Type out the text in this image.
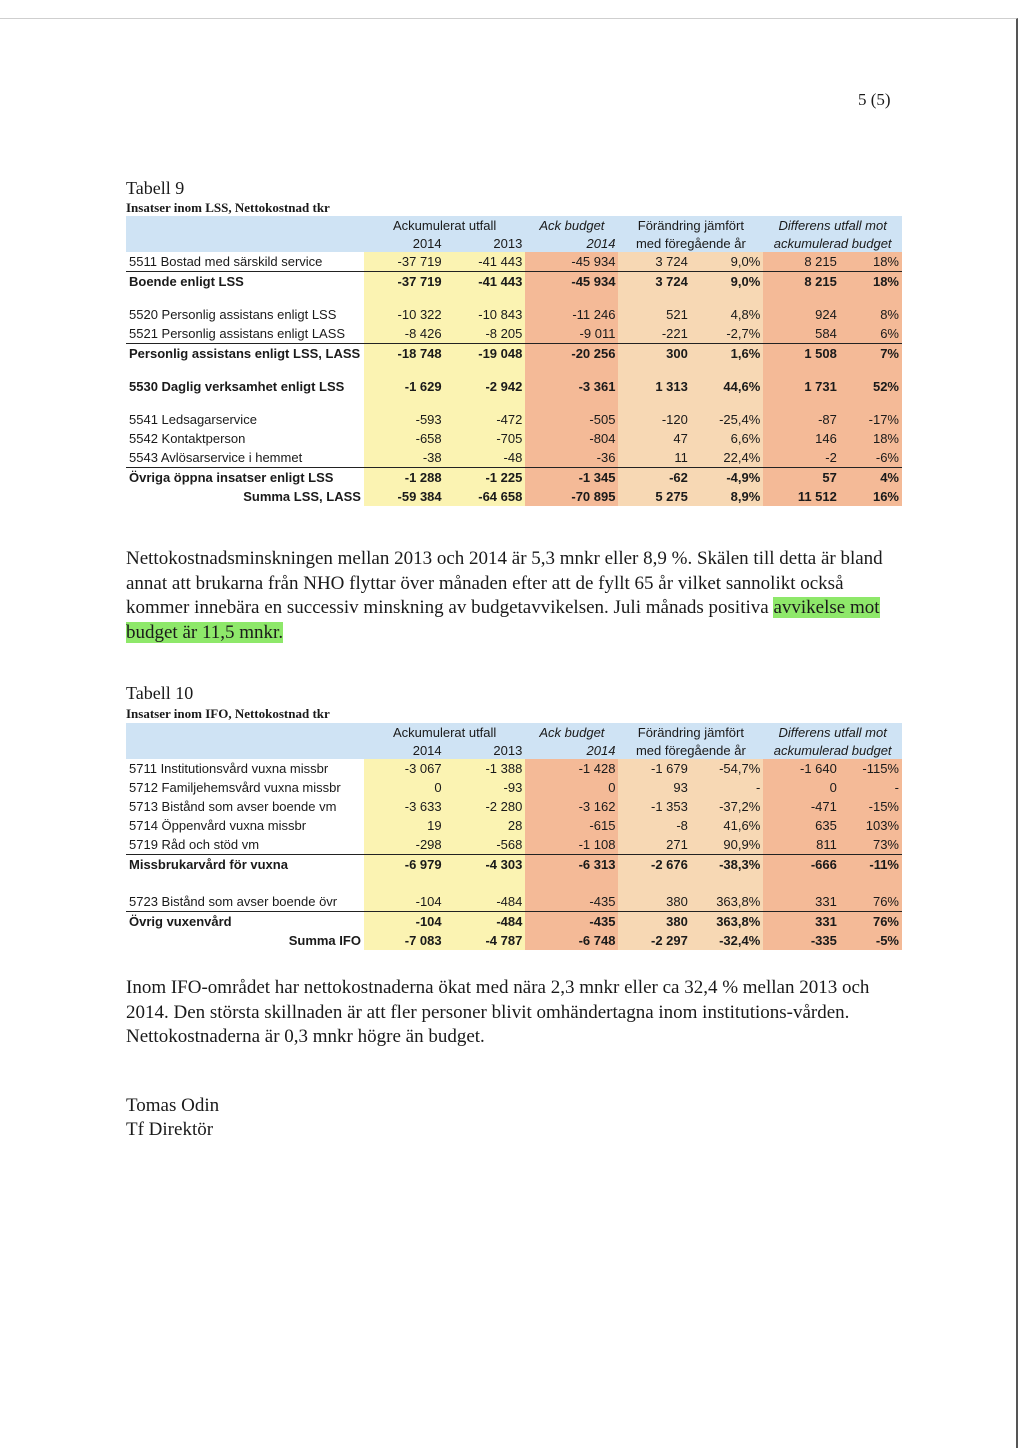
5 (5)
Tabell 9
Insatser inom LSS, Nettokostnad tkr
	Ackumulerat utfall		Ack budget	Förändring jämfört		Differens utfall mot	
	2014	2013	2014	med föregående år		ackumulerad budget	
5511 Bostad med särskild service	-37 719	-41 443	-45 934	3 724	9,0%	8 215	18%
Boende enligt LSS	-37 719	-41 443	-45 934	3 724	9,0%	8 215	18%

5520 Personlig assistans enligt LSS	-10 322	-10 843	-11 246	521	4,8%	924	8%
5521 Personlig assistans enligt LASS	-8 426	-8 205	-9 011	-221	-2,7%	584	6%
Personlig assistans enligt LSS, LASS	-18 748	-19 048	-20 256	300	1,6%	1 508	7%

5530 Daglig verksamhet enligt LSS	-1 629	-2 942	-3 361	1 313	44,6%	1 731	52%

5541 Ledsagarservice	-593	-472	-505	-120	-25,4%	-87	-17%
5542 Kontaktperson	-658	-705	-804	47	6,6%	146	18%
5543 Avlösarservice i hemmet	-38	-48	-36	11	22,4%	-2	-6%
Övriga öppna insatser enligt LSS	-1 288	-1 225	-1 345	-62	-4,9%	57	4%
Summa LSS, LASS	-59 384	-64 658	-70 895	5 275	8,9%	11 512	16%
Nettokostnadsminskningen mellan 2013 och 2014 är 5,3 mnkr eller 8,9 %. Skälen till detta är bland annat att brukarna från NHO flyttar över månaden efter att de fyllt 65 år vilket sannolikt också kommer innebära en successiv minskning av budgetavvikelsen. Juli månads positiva avvikelse mot budget är 11,5 mnkr.
Tabell 10
Insatser inom IFO, Nettokostnad tkr
	Ackumulerat utfall		Ack budget	Förändring jämfört		Differens utfall mot	
	2014	2013	2014	med föregående år		ackumulerad budget	
5711 Institutionsvård vuxna missbr	-3 067	-1 388	-1 428	-1 679	-54,7%	-1 640	-115%
5712 Familjehemsvård vuxna missbr	0	-93	0	93	-	0	-
5713 Bistånd som avser boende vm	-3 633	-2 280	-3 162	-1 353	-37,2%	-471	-15%
5714 Öppenvård vuxna missbr	19	28	-615	-8	41,6%	635	103%
5719 Råd och stöd vm	-298	-568	-1 108	271	90,9%	811	73%
Missbrukarvård för vuxna	-6 979	-4 303	-6 313	-2 676	-38,3%	-666	-11%

5723 Bistånd som avser boende övr	-104	-484	-435	380	363,8%	331	76%
Övrig vuxenvård	-104	-484	-435	380	363,8%	331	76%
Summa IFO	-7 083	-4 787	-6 748	-2 297	-32,4%	-335	-5%
Inom IFO-området har nettokostnaderna ökat med nära 2,3 mnkr eller ca 32,4 % mellan 2013 och 2014. Den största skillnaden är att fler personer blivit omhändertagna inom institutions-vården. Nettokostnaderna är 0,3 mnkr högre än budget.
Tomas Odin
Tf Direktör
